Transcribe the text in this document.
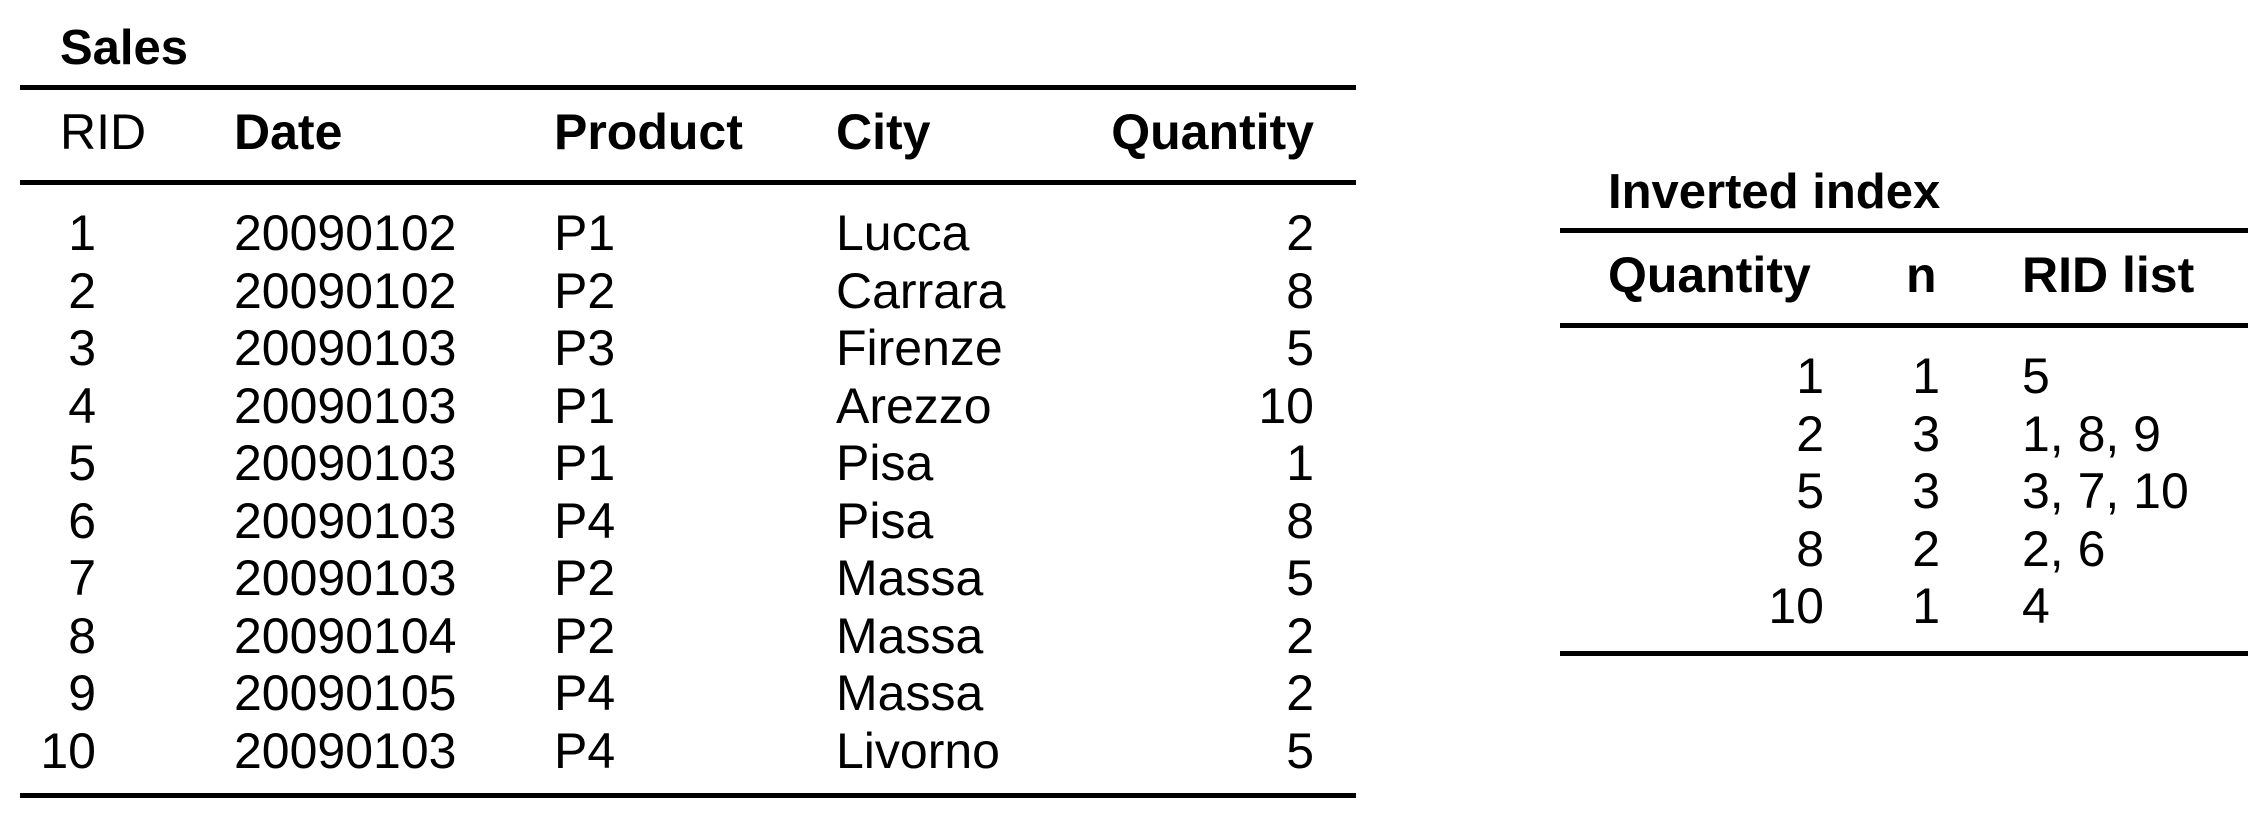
Sales
RID Date	Product City	Quantity
1	20090102 P1	Lucca	2
2	20090102 P2	Carrara	8
3	20090103 P3	Firenze	5
4	20090103 P1	Arezzo	10
5	20090103 P1	Pisa	1
6	20090103 P4	Pisa	8
7	20090103 P2	Massa	5
8	20090104 P2	Massa	2
9	20090105 P4	Massa	2
10	20090103 P4	Livorno	5
Inverted index
Quantity n RID list
1	1 5
2	3 1, 8, 9
5	3 3, 7, 10
8	2 2, 6
10	1 4
